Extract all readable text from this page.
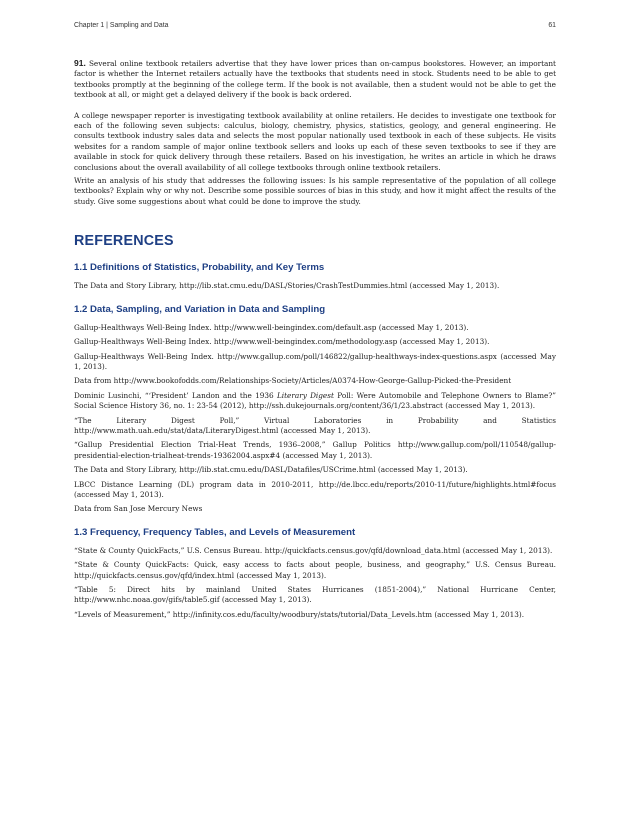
Chapter 1 | Sampling and Data	61

91. Several online textbook retailers advertise that they have lower prices than on-campus bookstores. However, an important factor is whether the Internet retailers actually have the textbooks that students need in stock. Students need to be able to get textbooks promptly at the beginning of the college term. If the book is not available, then a student would not be able to get the textbook at all, or might get a delayed delivery if the book is back ordered.

A college newspaper reporter is investigating textbook availability at online retailers. He decides to investigate one textbook for each of the following seven subjects: calculus, biology, chemistry, physics, statistics, geology, and general engineering. He consults textbook industry sales data and selects the most popular nationally used textbook in each of these subjects. He visits websites for a random sample of major online textbook sellers and looks up each of these seven textbooks to see if they are available in stock for quick delivery through these retailers. Based on his investigation, he writes an article in which he draws conclusions about the overall availability of all college textbooks through online textbook retailers.

Write an analysis of his study that addresses the following issues: Is his sample representative of the population of all college textbooks? Explain why or why not. Describe some possible sources of bias in this study, and how it might affect the results of the study. Give some suggestions about what could be done to improve the study.

REFERENCES
1.1 Definitions of Statistics, Probability, and Key Terms

The Data and Story Library, http://lib.stat.cmu.edu/DASL/Stories/CrashTestDummies.html (accessed May 1, 2013).

1.2 Data, Sampling, and Variation in Data and Sampling

Gallup-Healthways Well-Being Index. http://www.well-beingindex.com/default.asp (accessed May 1, 2013).

Gallup-Healthways Well-Being Index. http://www.well-beingindex.com/methodology.asp (accessed May 1, 2013).

Gallup-Healthways Well-Being Index. http://www.gallup.com/poll/146822/gallup-healthways-index-questions.aspx (accessed May 1, 2013).

Data from http://www.bookofodds.com/Relationships-Society/Articles/A0374-How-George-Gallup-Picked-the-President

Dominic Lusinchi, “‘President’ Landon and the 1936 Literary Digest Poll: Were Automobile and Telephone Owners to Blame?” Social Science History 36, no. 1: 23-54 (2012), http://ssh.dukejournals.org/content/36/1/23.abstract (accessed May 1, 2013).

“The Literary Digest Poll,” Virtual Laboratories in Probability and Statistics http://www.math.uah.edu/stat/data/LiteraryDigest.html (accessed May 1, 2013).

“Gallup Presidential Election Trial-Heat Trends, 1936–2008,” Gallup Politics http://www.gallup.com/poll/110548/gallup-presidential-election-trialheat-trends-19362004.aspx#4 (accessed May 1, 2013).

The Data and Story Library, http://lib.stat.cmu.edu/DASL/Datafiles/USCrime.html (accessed May 1, 2013).

LBCC Distance Learning (DL) program data in 2010-2011, http://de.lbcc.edu/reports/2010-11/future/highlights.html#focus (accessed May 1, 2013).

Data from San Jose Mercury News

1.3 Frequency, Frequency Tables, and Levels of Measurement

“State & County QuickFacts,” U.S. Census Bureau. http://quickfacts.census.gov/qfd/download_data.html (accessed May 1, 2013).

“State & County QuickFacts: Quick, easy access to facts about people, business, and geography,” U.S. Census Bureau. http://quickfacts.census.gov/qfd/index.html (accessed May 1, 2013).

“Table 5: Direct hits by mainland United States Hurricanes (1851-2004),” National Hurricane Center, http://www.nhc.noaa.gov/gifs/table5.gif (accessed May 1, 2013).

“Levels of Measurement,” http://infinity.cos.edu/faculty/woodbury/stats/tutorial/Data_Levels.htm (accessed May 1, 2013).
